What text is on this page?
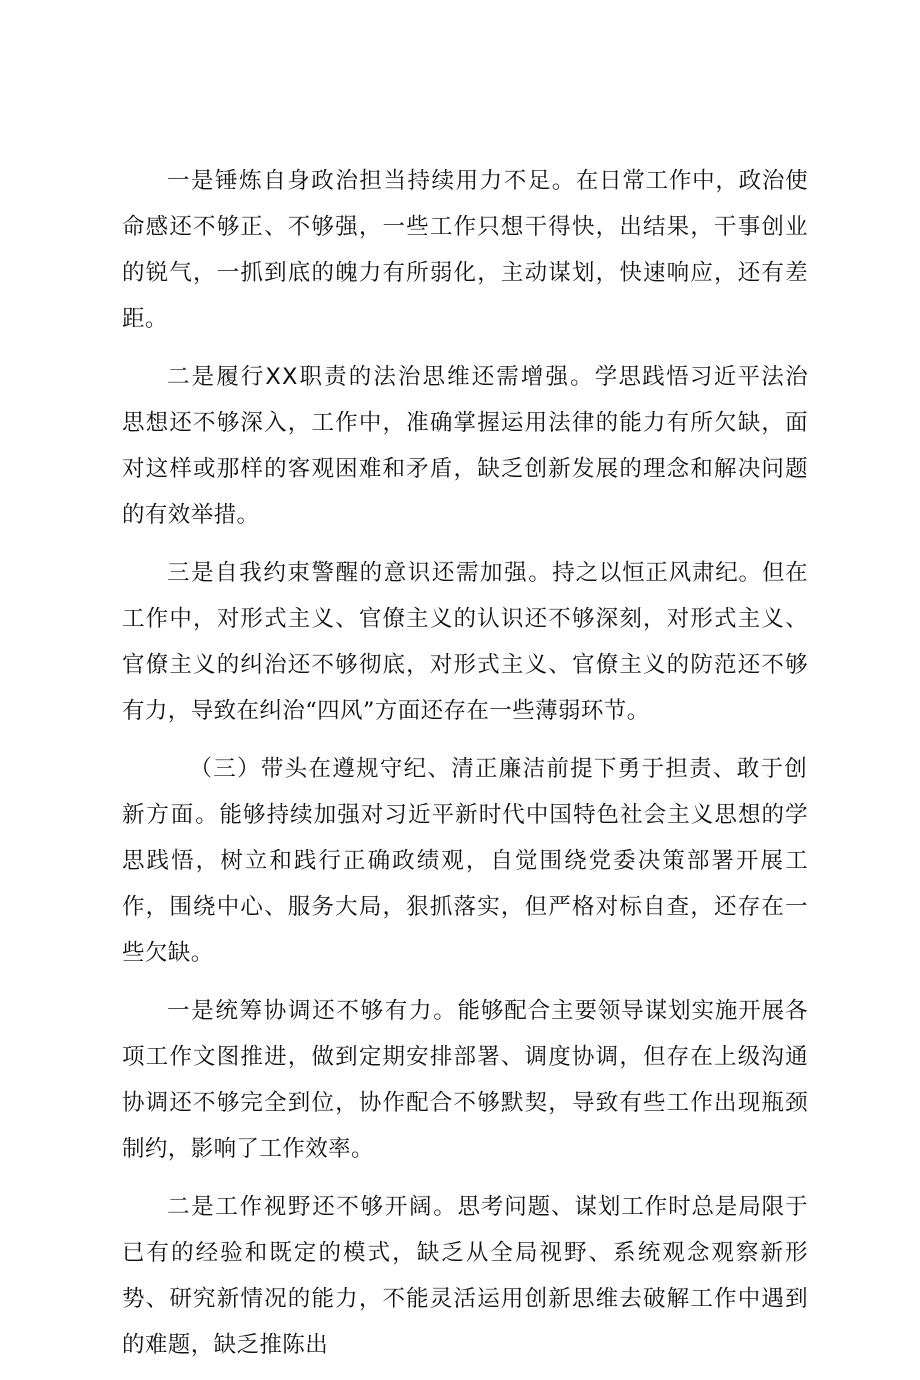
一是锤炼自身政治担当持续用力不足。在日常工作中，政治使命感还不够正、不够强，一些工作只想干得快，出结果，干事创业的锐气，一抓到底的魄力有所弱化，主动谋划，快速响应，还有差距。

二是履行XX职责的法治思维还需增强。学思践悟习近平法治思想还不够深入，工作中，准确掌握运用法律的能力有所欠缺，面对这样或那样的客观困难和矛盾，缺乏创新发展的理念和解决问题的有效举措。

三是自我约束警醒的意识还需加强。持之以恒正风肃纪。但在工作中，对形式主义、官僚主义的认识还不够深刻，对形式主义、官僚主义的纠治还不够彻底，对形式主义、官僚主义的防范还不够有力，导致在纠治“四风”方面还存在一些薄弱环节。

（三）带头在遵规守纪、清正廉洁前提下勇于担责、敢于创新方面。能够持续加强对习近平新时代中国特色社会主义思想的学思践悟，树立和践行正确政绩观，自觉围绕党委决策部署开展工作，围绕中心、服务大局，狠抓落实，但严格对标自查，还存在一些欠缺。

一是统筹协调还不够有力。能够配合主要领导谋划实施开展各项工作文图推进，做到定期安排部署、调度协调，但存在上级沟通协调还不够完全到位，协作配合不够默契，导致有些工作出现瓶颈制约，影响了工作效率。

二是工作视野还不够开阔。思考问题、谋划工作时总是局限于已有的经验和既定的模式，缺乏从全局视野、系统观念观察新形势、研究新情况的能力，不能灵活运用创新思维去破解工作中遇到的难题，缺乏推陈出
